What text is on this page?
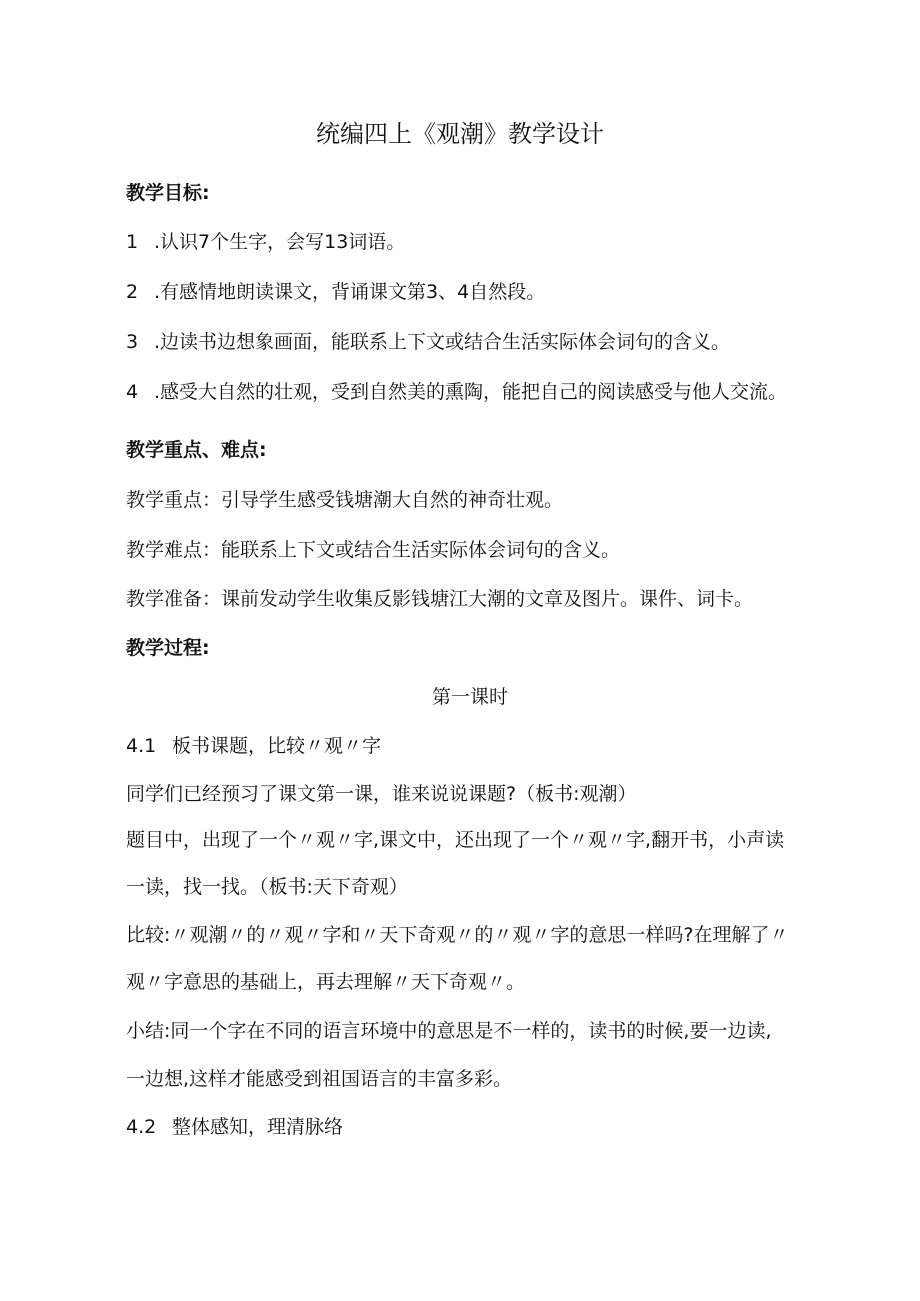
统编四上《观潮》教学设计
教学目标:
1 .认识7个生字，会写13词语。
2 .有感情地朗读课文，背诵课文第3、4自然段。
3 .边读书边想象画面，能联系上下文或结合生活实际体会词句的含义。
4 .感受大自然的壮观，受到自然美的熏陶，能把自己的阅读感受与他人交流。
教学重点、难点:
教学重点：引导学生感受钱塘潮大自然的神奇壮观。
教学难点：能联系上下文或结合生活实际体会词句的含义。
教学准备：课前发动学生收集反影钱塘江大潮的文章及图片。课件、词卡。
教学过程:
第一课时
4.1 板书课题，比较〃观〃字
同学们已经预习了课文第一课，谁来说说课题?（板书:观潮）
题目中，出现了一个〃观〃字,课文中，还出现了一个〃观〃字,翻开书，小声读
一读，找一找。（板书:天下奇观）
比较:〃观潮〃的〃观〃字和〃天下奇观〃的〃观〃字的意思一样吗?在理解了〃
观〃字意思的基础上，再去理解〃天下奇观〃。
小结:同一个字在不同的语言环境中的意思是不一样的，读书的时候,要一边读,
一边想,这样才能感受到祖国语言的丰富多彩。
4.2 整体感知，理清脉络
